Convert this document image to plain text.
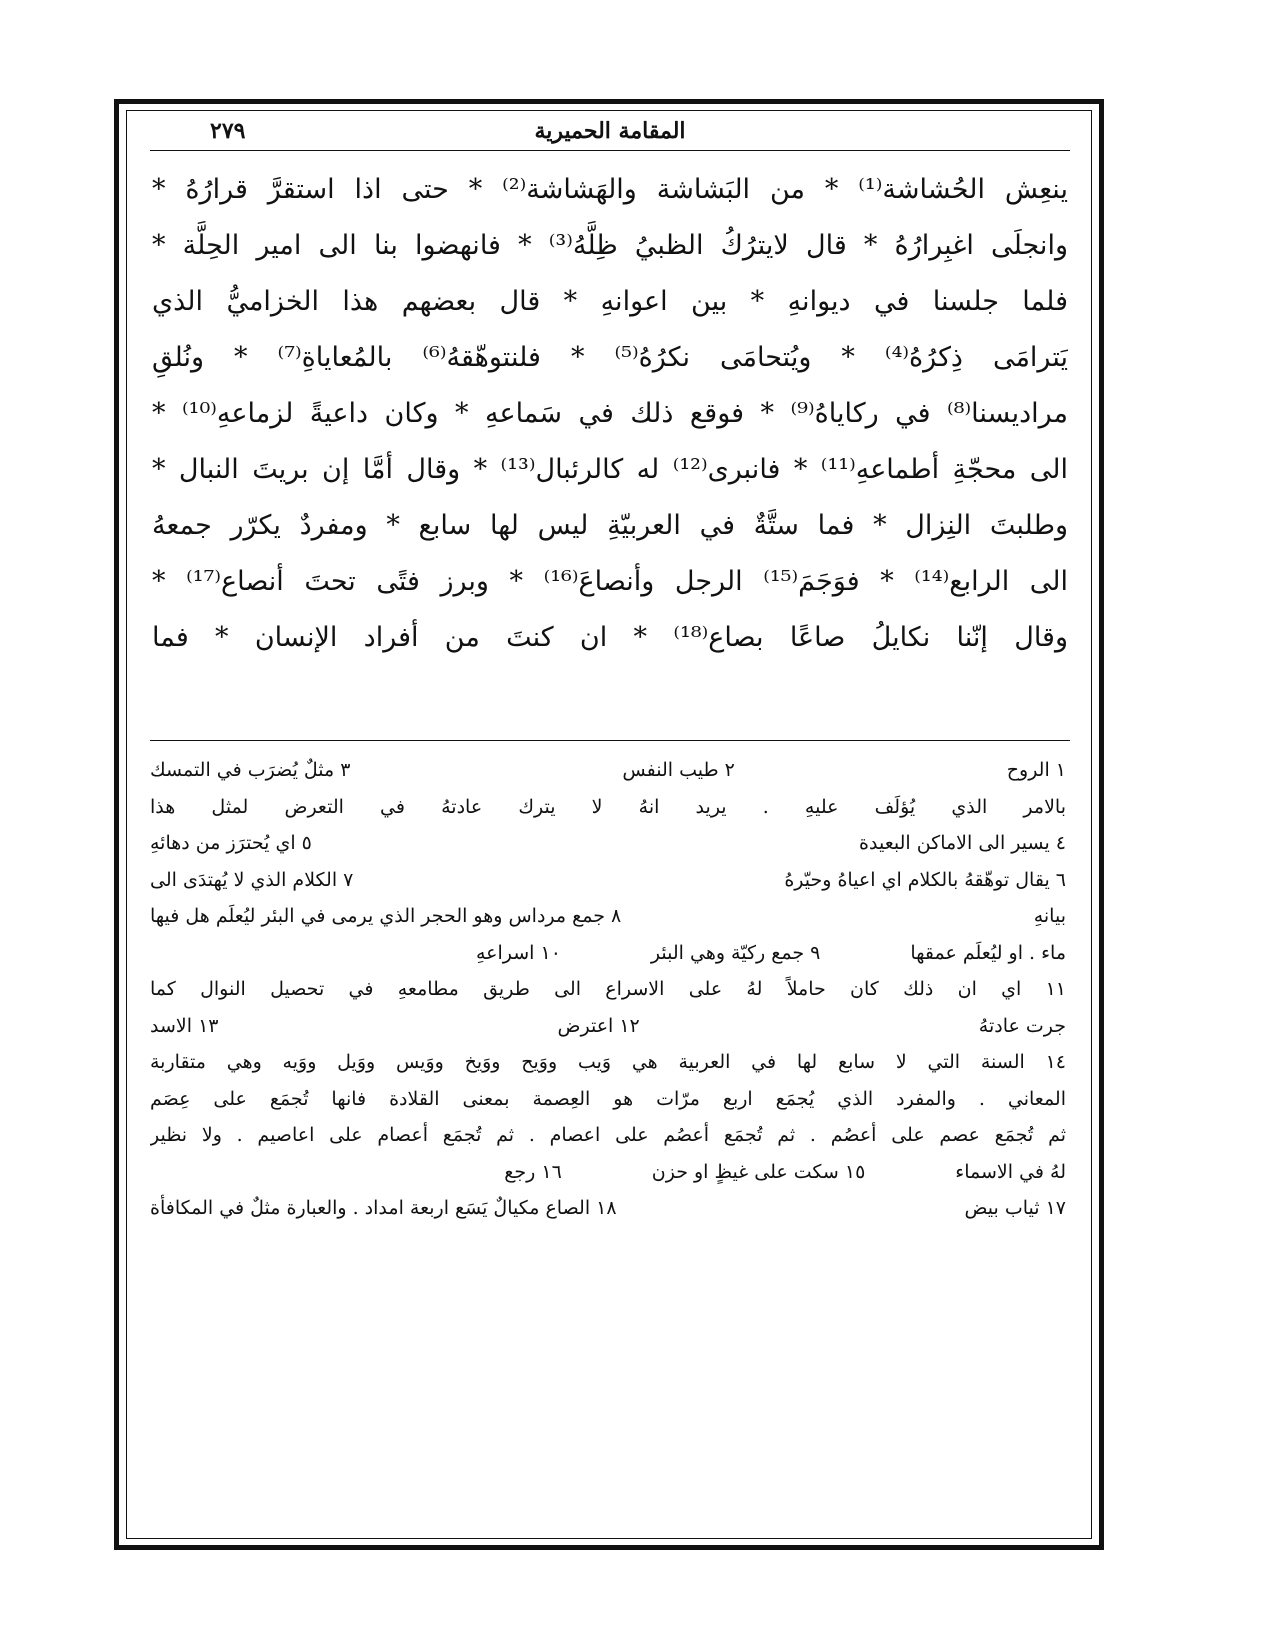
المقامة الحميرية
٢٧٩
ينعِش الحُشاشة⁽¹⁾ * من البَشاشة والهَشاشة⁽²⁾ * حتى اذا استقرَّ قرارُهُ *
وانجلَى اغبِرارُهُ * قال لايترُكُ الظبيُ ظِلَّهُ⁽³⁾ * فانهضوا بنا الى امير الحِلَّة *
فلما جلسنا في ديوانهِ * بين اعوانهِ * قال بعضهم هذا الخزاميُّ الذي
يَترامَى ذِكرُهُ⁽⁴⁾ * ويُتحامَى نكرُهُ⁽⁵⁾ * فلنتوهّقهُ⁽⁶⁾ بالمُعاياةِ⁽⁷⁾ * ونُلقِ
مراديسنا⁽⁸⁾ في ركاياهُ⁽⁹⁾ * فوقع ذلك في سَماعهِ * وكان داعيةً لزماعهِ⁽¹⁰⁾ *
الى محجّةِ أطماعهِ⁽¹¹⁾ * فانبرى⁽¹²⁾ له كالرئبال⁽¹³⁾ * وقال أمَّا إن بريتَ النبال *
وطلبتَ النِزال * فما ستَّةٌ في العربيّةِ ليس لها سابع * ومفردٌ يكرّر جمعهُ
الى الرابع⁽¹⁴⁾ * فوَجَمَ⁽¹⁵⁾ الرجل وأنصاعَ⁽¹⁶⁾ * وبرز فتًى تحتَ أنصاع⁽¹⁷⁾ *
وقال إنّنا نكايلُ صاعًا بصاع⁽¹⁸⁾ * ان كنتَ من أفراد الإنسان * فما
١ الروح
٢ طيب النفس
٣ مثلٌ يُضرَب في التمسك
بالامر الذي يُؤلَف عليهِ . يريد انهُ لا يترك عادتهُ في التعرض لمثل هذا
٤ يسير الى الاماكن البعيدة
٥ اي يُحترَز من دهائهِ
٦ يقال توهّقهُ بالكلام اي اعياهُ وحيّرهُ
٧ الكلام الذي لا يُهتدَى الى
بيانهِ
٨ جمع مرداس وهو الحجر الذي يرمى في البئر ليُعلَم هل فيها
ماء . او ليُعلَم عمقها
٩ جمع ركيّة وهي البئر
١٠ اسراعهِ
١١ اي ان ذلك كان حاملاً لهُ على الاسراع الى طريق مطامعهِ في تحصيل النوال كما
جرت عادتهُ
١٢ اعترض
١٣ الاسد
١٤ السنة التي لا سابع لها في العربية هي وَيب ووَيح ووَيخ ووَيس ووَيل ووَيه وهي متقاربة
المعاني . والمفرد الذي يُجمَع اربع مرّات هو العِصمة بمعنى القلادة فانها تُجمَع على عِصَم
ثم تُجمَع عصم على أعصُم . ثم تُجمَع أعصُم على اعصام . ثم تُجمَع أعصام على اعاصيم . ولا نظير
لهُ في الاسماء
١٥ سكت على غيظٍ او حزن
١٦ رجع
١٧ ثياب بيض
١٨ الصاع مكيالٌ يَسَع اربعة امداد . والعبارة مثلٌ في المكافأة
